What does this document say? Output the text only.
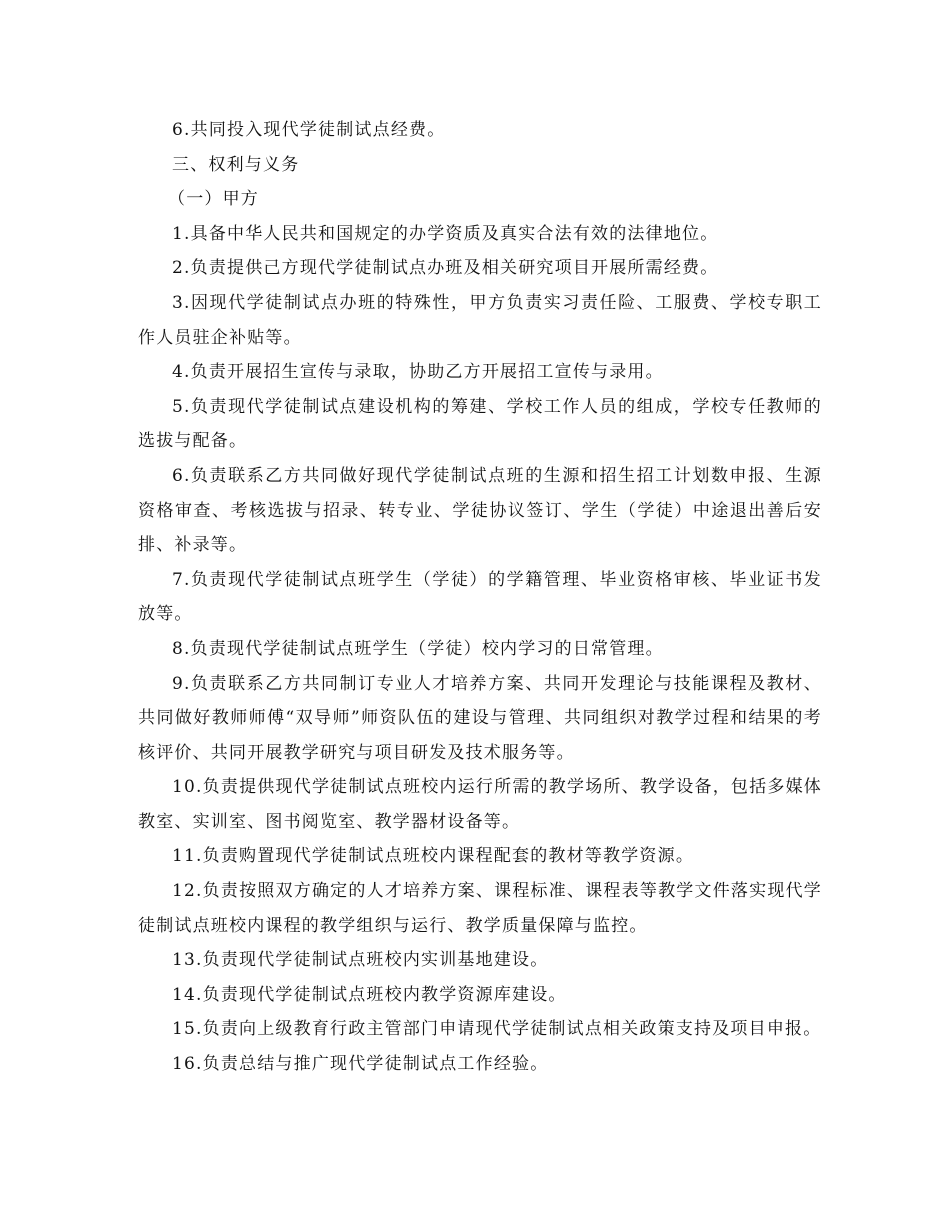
6.共同投入现代学徒制试点经费。

三、权利与义务

（一）甲方

1.具备中华人民共和国规定的办学资质及真实合法有效的法律地位。

2.负责提供己方现代学徒制试点办班及相关研究项目开展所需经费。

3.因现代学徒制试点办班的特殊性，甲方负责实习责任险、工服费、学校专职工作人员驻企补贴等。

4.负责开展招生宣传与录取，协助乙方开展招工宣传与录用。

5.负责现代学徒制试点建设机构的筹建、学校工作人员的组成，学校专任教师的选拔与配备。

6.负责联系乙方共同做好现代学徒制试点班的生源和招生招工计划数申报、生源资格审查、考核选拔与招录、转专业、学徒协议签订、学生（学徒）中途退出善后安排、补录等。

7.负责现代学徒制试点班学生（学徒）的学籍管理、毕业资格审核、毕业证书发放等。

8.负责现代学徒制试点班学生（学徒）校内学习的日常管理。

9.负责联系乙方共同制订专业人才培养方案、共同开发理论与技能课程及教材、共同做好教师师傅“双导师”师资队伍的建设与管理、共同组织对教学过程和结果的考核评价、共同开展教学研究与项目研发及技术服务等。

10.负责提供现代学徒制试点班校内运行所需的教学场所、教学设备，包括多媒体教室、实训室、图书阅览室、教学器材设备等。

11.负责购置现代学徒制试点班校内课程配套的教材等教学资源。

12.负责按照双方确定的人才培养方案、课程标准、课程表等教学文件落实现代学徒制试点班校内课程的教学组织与运行、教学质量保障与监控。

13.负责现代学徒制试点班校内实训基地建设。

14.负责现代学徒制试点班校内教学资源库建设。

15.负责向上级教育行政主管部门申请现代学徒制试点相关政策支持及项目申报。

16.负责总结与推广现代学徒制试点工作经验。
